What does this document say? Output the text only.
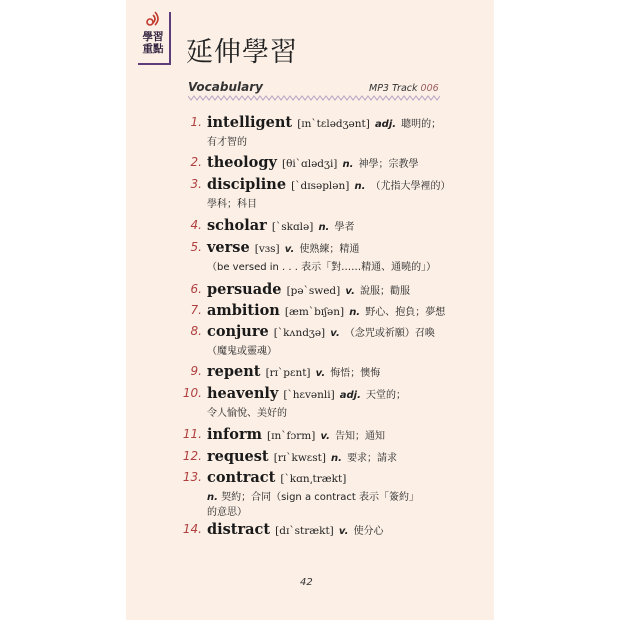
學習
重點 延伸學習
Vocabulary	MP3 Track 006
1. intelligent [ɪn`tɛlədʒənt] adj. 聰明的；
有才智的
2. theology [θi`ɑlədʒi] n. 神學；宗教學
3. discipline [`dɪsəplən] n. （尤指大學裡的）
學科；科目
4. scholar [`skɑlə] n. 學者
5. verse [vɜs] v. 使熟練；精通
（be versed in . . . 表示「對……精通、通曉的」）
6. persuade [pə`swed] v. 說服；勸服
7. ambition [æm`bɪʃən] n. 野心、抱負；夢想
8. conjure [`kʌndʒə] v. （念咒或祈願）召喚
（魔鬼或靈魂）
9. repent [rɪ`pɛnt] v. 悔悟；懊悔
10. heavenly [`hɛvənli] adj. 天堂的；
令人愉悅、美好的
11. inform [ɪn`fɔrm] v. 告知；通知
12. request [rɪ`kwɛst] n. 要求；請求
13. contract [`kɑn͵trækt]
n. 契約；合同（sign a contract 表示「簽約」
的意思）
14. distract [dɪ`strækt] v. 使分心
42
